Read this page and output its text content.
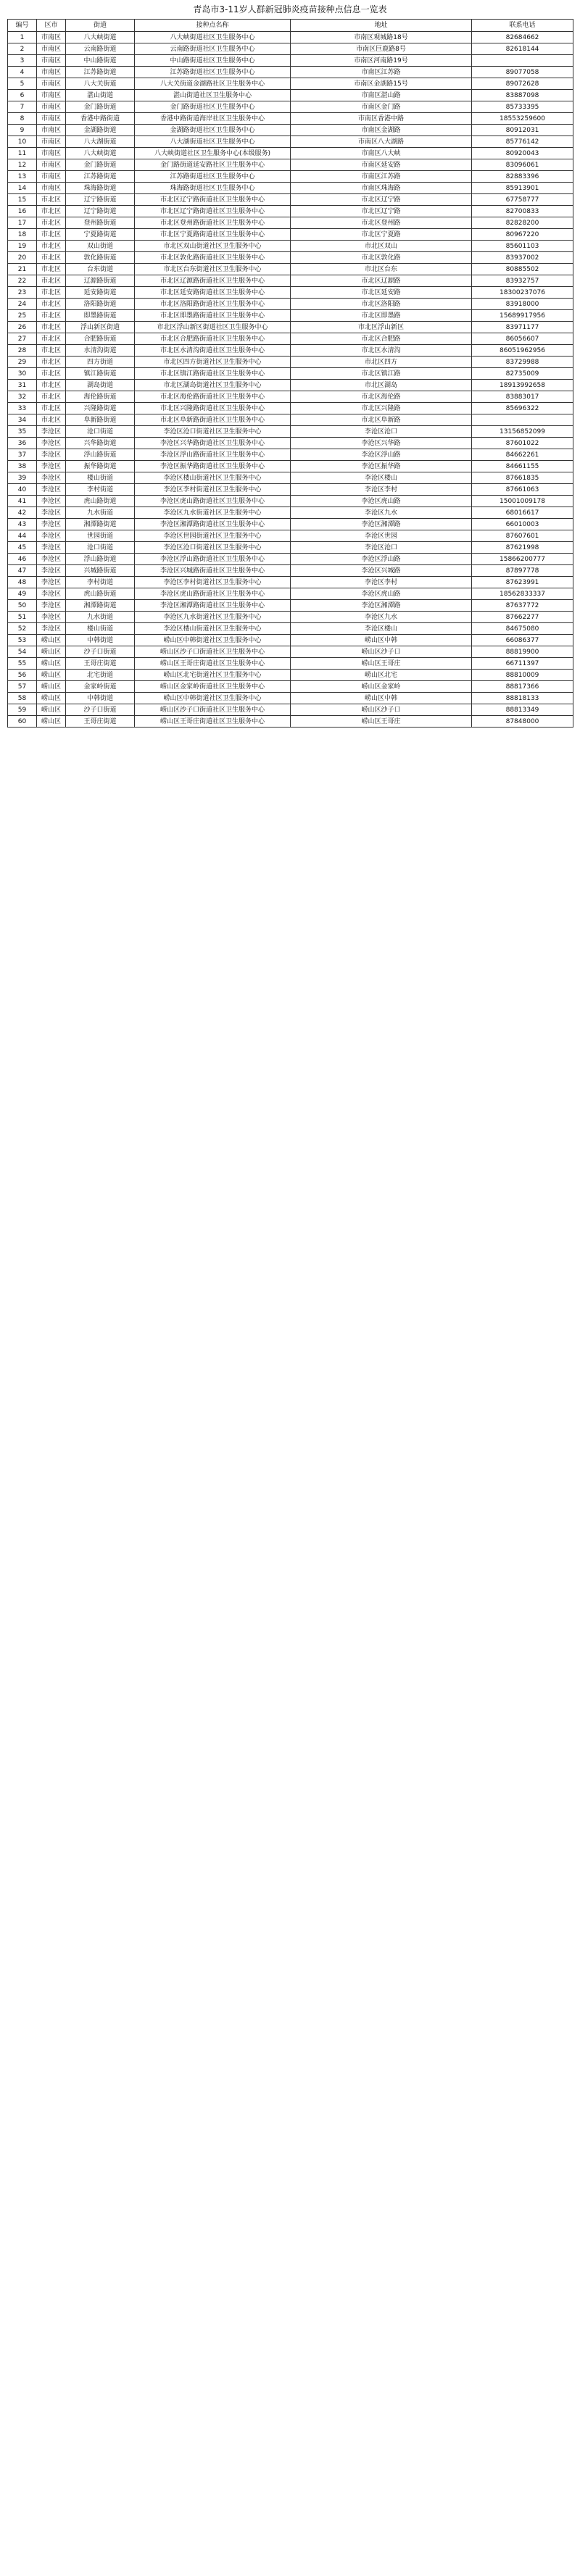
青岛市3-11岁人群新冠肺炎疫苗接种点信息一览表
编号	区市	街道	接种点名称	地址	联系电话
1	市南区	八大峡街道	八大峡街道社区卫生服务中心	市南区观城路18号	82684662
2	市南区	云南路街道	云南路街道社区卫生服务中心	市南区巨鹿路8号	82618144
3	市南区	中山路街道	中山路街道社区卫生服务中心	市南区河南路19号	
4	市南区	江苏路街道	江苏路街道社区卫生服务中心	市南区江苏路	89077058
5	市南区	八大关街道	八大关街道金湖路社区卫生服务中心	市南区金湖路15号	89072628
6	市南区	湛山街道	湛山街道社区卫生服务中心	市南区湛山路	83887098
7	市南区	金门路街道	金门路街道社区卫生服务中心	市南区金门路	85733395
8	市南区	香港中路街道	香港中路街道海岸社区卫生服务中心	市南区香港中路	18553259600
9	市南区	金湖路街道	金湖路街道社区卫生服务中心	市南区金湖路	80912031
10	市南区	八大湖街道	八大湖街道社区卫生服务中心	市南区八大湖路	85776142
11	市南区	八大峡街道	八大峡街道社区卫生服务中心(本级服务)	市南区八大峡	80920043
12	市南区	金门路街道	金门路街道延安路社区卫生服务中心	市南区延安路	83096061
13	市南区	江苏路街道	江苏路街道社区卫生服务中心	市南区江苏路	82883396
14	市南区	珠海路街道	珠海路街道社区卫生服务中心	市南区珠海路	85913901
15	市北区	辽宁路街道	市北区辽宁路街道社区卫生服务中心	市北区辽宁路	67758777
16	市北区	辽宁路街道	市北区辽宁路街道社区卫生服务中心	市北区辽宁路	82700833
17	市北区	登州路街道	市北区登州路街道社区卫生服务中心	市北区登州路	82828200
18	市北区	宁夏路街道	市北区宁夏路街道社区卫生服务中心	市北区宁夏路	80967220
19	市北区	双山街道	市北区双山街道社区卫生服务中心	市北区双山	85601103
20	市北区	敦化路街道	市北区敦化路街道社区卫生服务中心	市北区敦化路	83937002
21	市北区	台东街道	市北区台东街道社区卫生服务中心	市北区台东	80885502
22	市北区	辽源路街道	市北区辽源路街道社区卫生服务中心	市北区辽源路	83932757
23	市北区	延安路街道	市北区延安路街道社区卫生服务中心	市北区延安路	18300237076
24	市北区	洛阳路街道	市北区洛阳路街道社区卫生服务中心	市北区洛阳路	83918000
25	市北区	即墨路街道	市北区即墨路街道社区卫生服务中心	市北区即墨路	15689917956
26	市北区	浮山新区街道	市北区浮山新区街道社区卫生服务中心	市北区浮山新区	83971177
27	市北区	合肥路街道	市北区合肥路街道社区卫生服务中心	市北区合肥路	86056607
28	市北区	水清沟街道	市北区水清沟街道社区卫生服务中心	市北区水清沟	86051962956
29	市北区	四方街道	市北区四方街道社区卫生服务中心	市北区四方	83729988
30	市北区	镇江路街道	市北区镇江路街道社区卫生服务中心	市北区镇江路	82735009
31	市北区	湖岛街道	市北区湖岛街道社区卫生服务中心	市北区湖岛	18913992658
32	市北区	海伦路街道	市北区海伦路街道社区卫生服务中心	市北区海伦路	83883017
33	市北区	兴隆路街道	市北区兴隆路街道社区卫生服务中心	市北区兴隆路	85696322
34	市北区	阜新路街道	市北区阜新路街道社区卫生服务中心	市北区阜新路	
35	李沧区	沧口街道	李沧区沧口街道社区卫生服务中心	李沧区沧口	13156852099
36	李沧区	兴华路街道	李沧区兴华路街道社区卫生服务中心	李沧区兴华路	87601022
37	李沧区	浮山路街道	李沧区浮山路街道社区卫生服务中心	李沧区浮山路	84662261
38	李沧区	振华路街道	李沧区振华路街道社区卫生服务中心	李沧区振华路	84661155
39	李沧区	楼山街道	李沧区楼山街道社区卫生服务中心	李沧区楼山	87661835
40	李沧区	李村街道	李沧区李村街道社区卫生服务中心	李沧区李村	87661063
41	李沧区	虎山路街道	李沧区虎山路街道社区卫生服务中心	李沧区虎山路	15001009178
42	李沧区	九水街道	李沧区九水街道社区卫生服务中心	李沧区九水	68016617
43	李沧区	湘潭路街道	李沧区湘潭路街道社区卫生服务中心	李沧区湘潭路	66010003
44	李沧区	世园街道	李沧区世园街道社区卫生服务中心	李沧区世园	87607601
45	李沧区	沧口街道	李沧区沧口街道社区卫生服务中心	李沧区沧口	87621998
46	李沧区	浮山路街道	李沧区浮山路街道社区卫生服务中心	李沧区浮山路	15866200777
47	李沧区	兴城路街道	李沧区兴城路街道社区卫生服务中心	李沧区兴城路	87897778
48	李沧区	李村街道	李沧区李村街道社区卫生服务中心	李沧区李村	87623991
49	李沧区	虎山路街道	李沧区虎山路街道社区卫生服务中心	李沧区虎山路	18562833337
50	李沧区	湘潭路街道	李沧区湘潭路街道社区卫生服务中心	李沧区湘潭路	87637772
51	李沧区	九水街道	李沧区九水街道社区卫生服务中心	李沧区九水	87662277
52	李沧区	楼山街道	李沧区楼山街道社区卫生服务中心	李沧区楼山	84675080
53	崂山区	中韩街道	崂山区中韩街道社区卫生服务中心	崂山区中韩	66086377
54	崂山区	沙子口街道	崂山区沙子口街道社区卫生服务中心	崂山区沙子口	88819900
55	崂山区	王哥庄街道	崂山区王哥庄街道社区卫生服务中心	崂山区王哥庄	66711397
56	崂山区	北宅街道	崂山区北宅街道社区卫生服务中心	崂山区北宅	88810009
57	崂山区	金家岭街道	崂山区金家岭街道社区卫生服务中心	崂山区金家岭	88817366
58	崂山区	中韩街道	崂山区中韩街道社区卫生服务中心	崂山区中韩	88818133
59	崂山区	沙子口街道	崂山区沙子口街道社区卫生服务中心	崂山区沙子口	88813349
60	崂山区	王哥庄街道	崂山区王哥庄街道社区卫生服务中心	崂山区王哥庄	87848000
